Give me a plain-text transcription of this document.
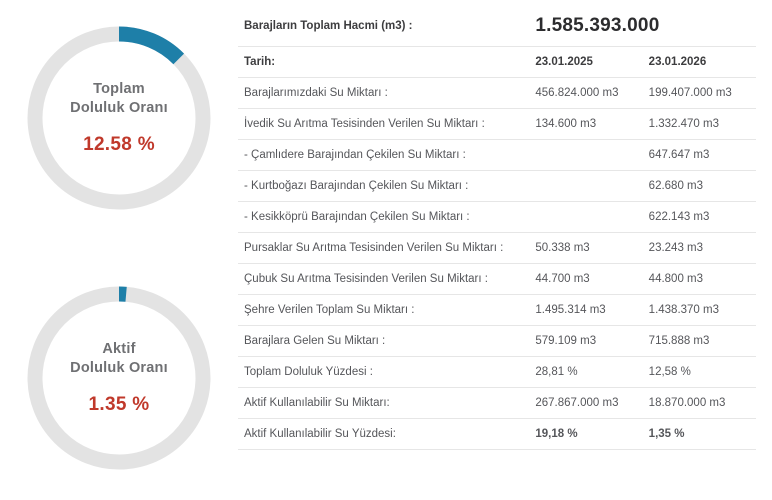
Toplam
Doluluk Oranı
12.58 %
Aktif
Doluluk Oranı
1.35 %
Barajların Toplam Hacmi (m3) :	1.585.393.000	
Tarih:	23.01.2025	23.01.2026
Barajlarımızdaki Su Miktarı :	456.824.000 m3	199.407.000 m3
İvedik Su Arıtma Tesisinden Verilen Su Miktarı :	134.600 m3	1.332.470 m3
- Çamlıdere Barajından Çekilen Su Miktarı :		647.647 m3
- Kurtboğazı Barajından Çekilen Su Miktarı :		62.680 m3
- Kesikköprü Barajından Çekilen Su Miktarı :		622.143 m3
Pursaklar Su Arıtma Tesisinden Verilen Su Miktarı :	50.338 m3	23.243 m3
Çubuk Su Arıtma Tesisinden Verilen Su Miktarı :	44.700 m3	44.800 m3
Şehre Verilen Toplam Su Miktarı :	1.495.314 m3	1.438.370 m3
Barajlara Gelen Su Miktarı :	579.109 m3	715.888 m3
Toplam Doluluk Yüzdesi :	28,81 %	12,58 %
Aktif Kullanılabilir Su Miktarı:	267.867.000 m3	18.870.000 m3
Aktif Kullanılabilir Su Yüzdesi:	19,18 %	1,35 %
